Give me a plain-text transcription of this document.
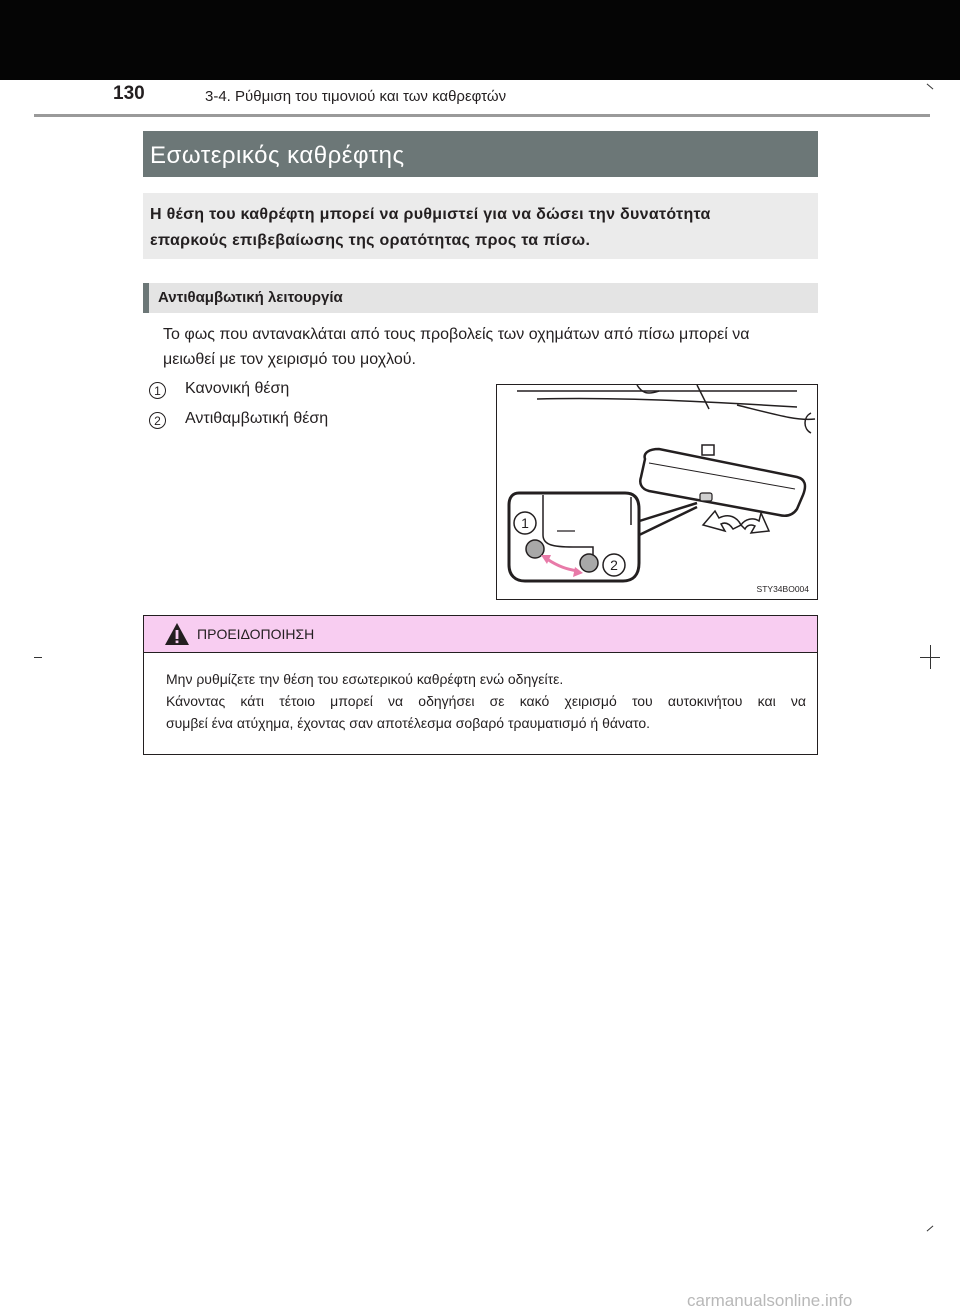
130	3-4. Ρύθμιση του τιμονιού και των καθρεφτών
Εσωτερικός καθρέφτης
Η θέση του καθρέφτη μπορεί να ρυθμιστεί για να δώσει την δυνατότητα
επαρκούς επιβεβαίωσης της ορατότητας προς τα πίσω.
Αντιθαμβωτική λειτουργία
Το φως που αντανακλάται από τους προβολείς των οχημάτων από πίσω μπορεί να
μειωθεί με τον χειρισμό του μοχλού.
1	Κανονική θέση
2	Αντιθαμβωτική θέση
1
2
STY34BO004
ΠΡΟΕΙΔΟΠΟΙΗΣΗ

Μην ρυθμίζετε την θέση του εσωτερικού καθρέφτη ενώ οδηγείτε.

Κάνοντας κάτι τέτοιο μπορεί να οδηγήσει σε κακό χειρισμό του αυτοκινήτου και να

συμβεί ένα ατύχημα, έχοντας σαν αποτέλεσμα σοβαρό τραυματισμό ή θάνατο.

carmanualsonline.info
